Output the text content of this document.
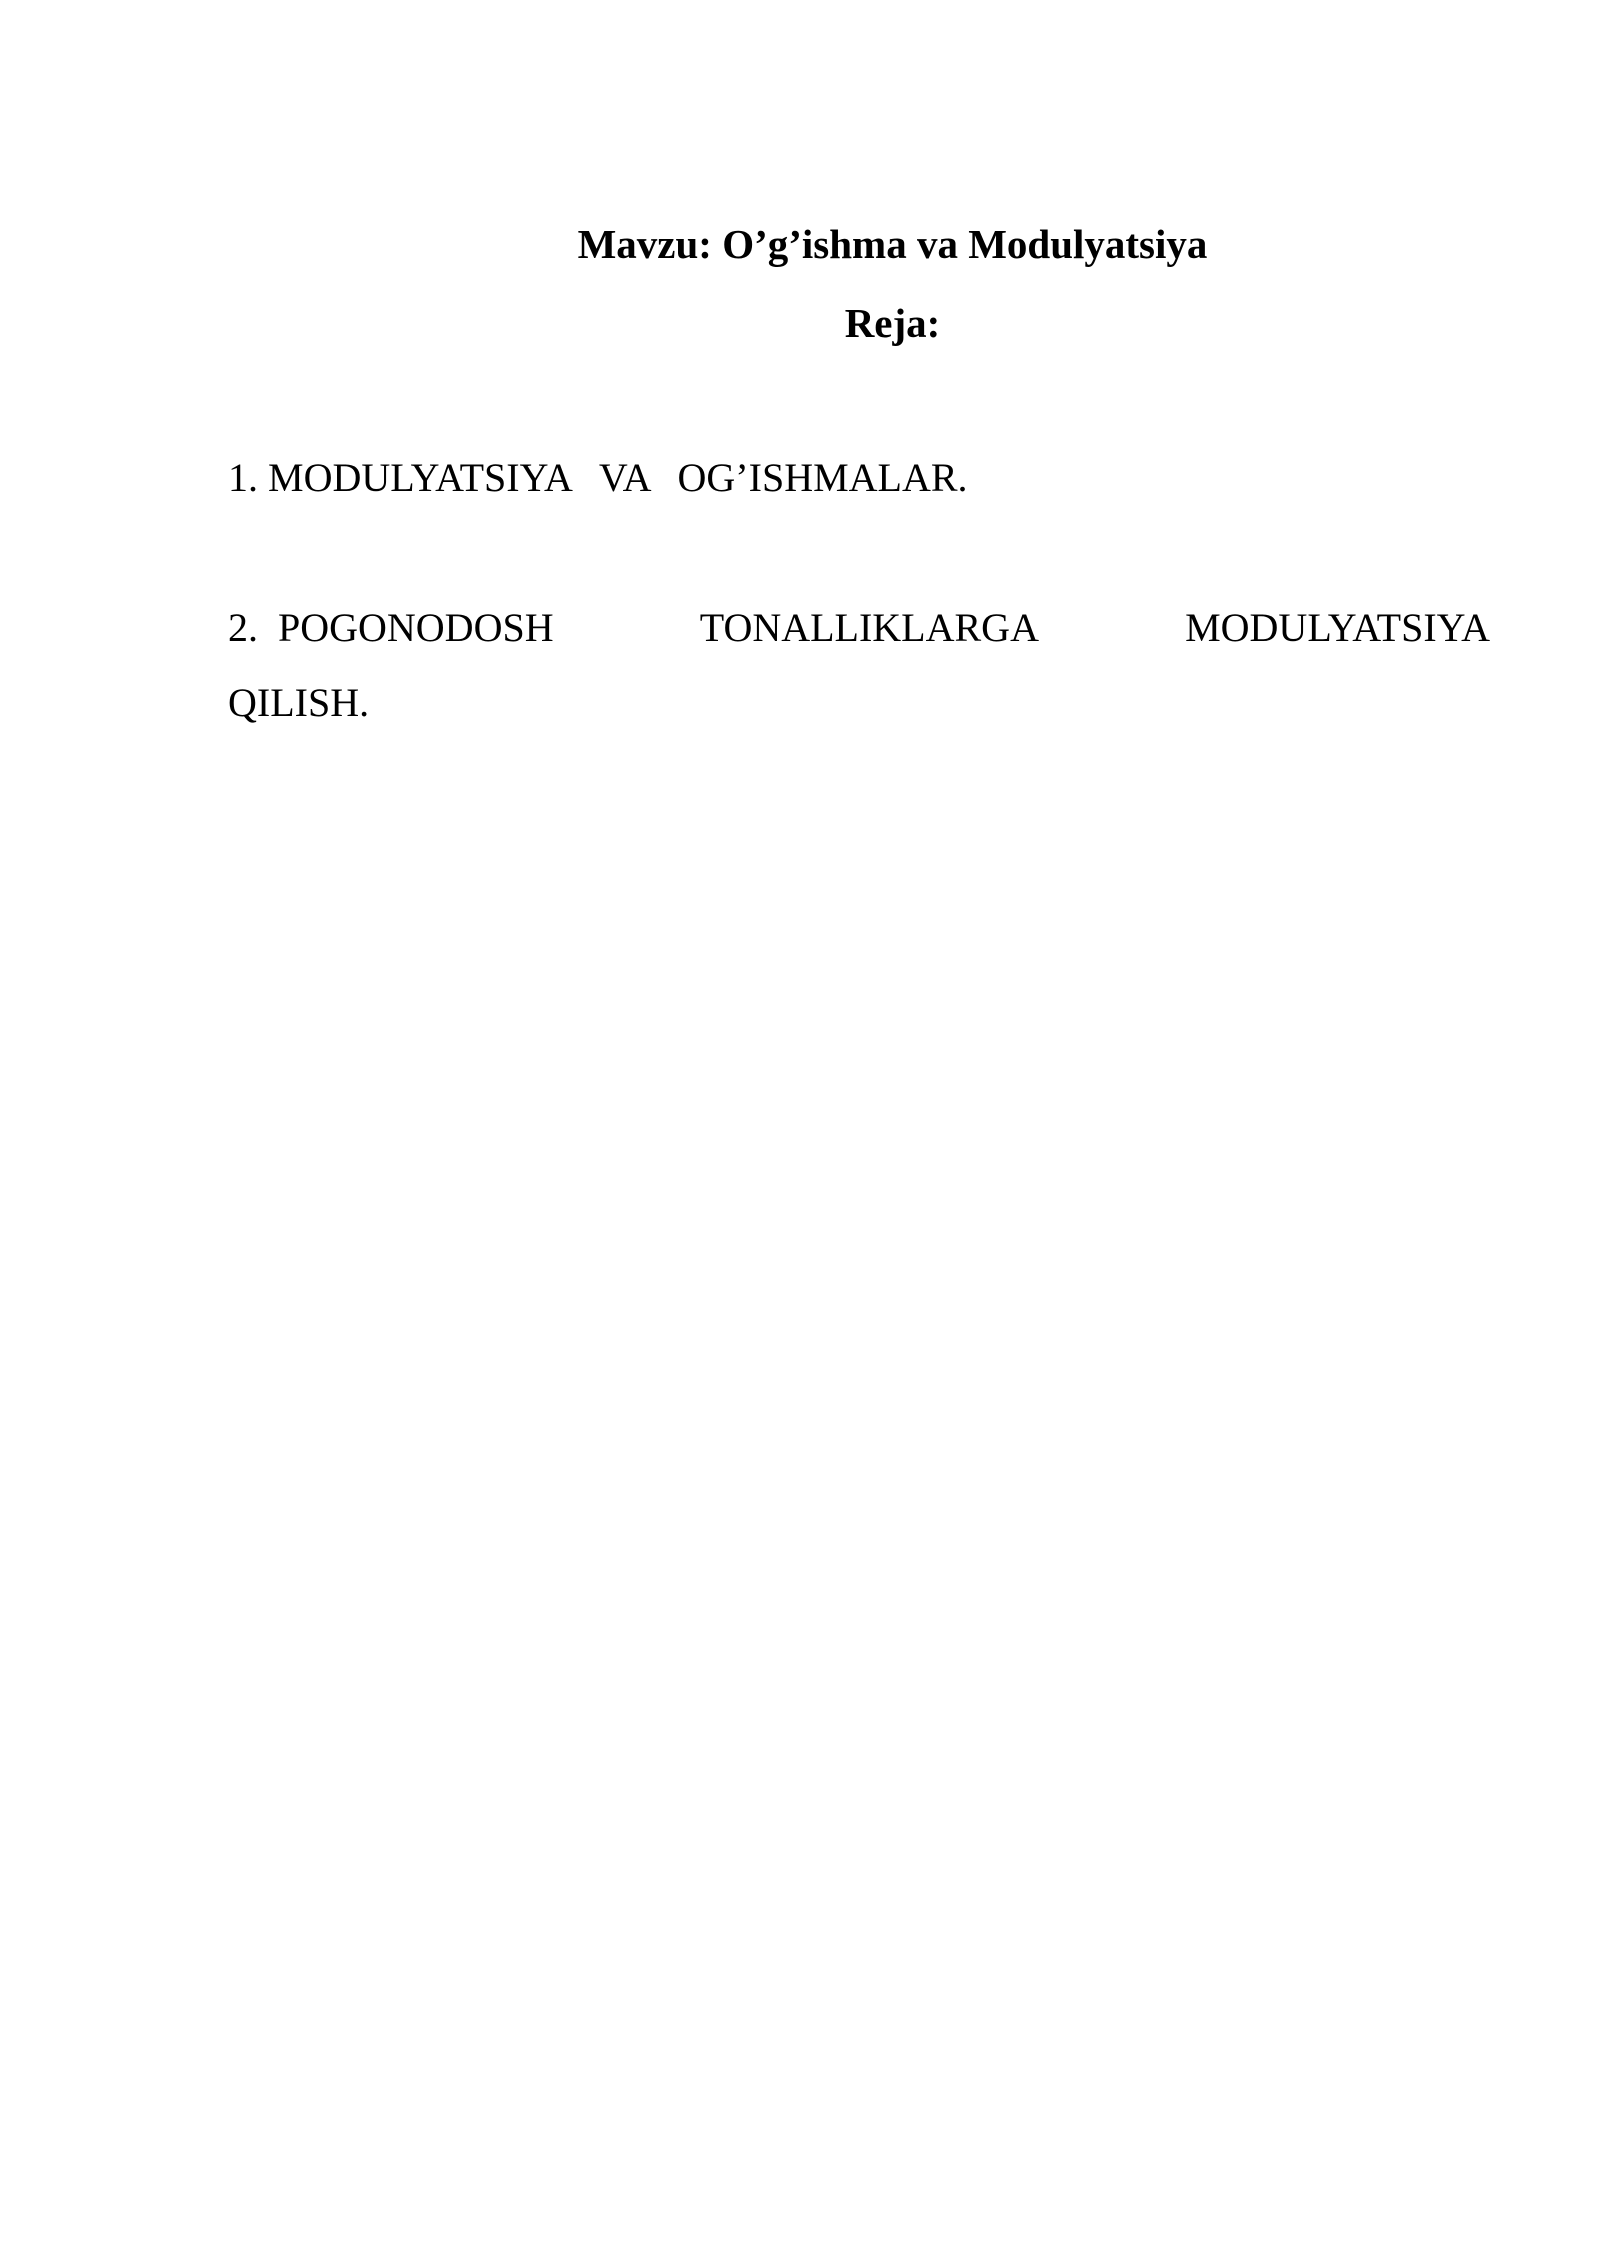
Mavzu: O’g’ishma va Modulyatsiya
Reja:
1. MODULYATSIYA VA OG’ISHMALAR.
2.  POGONODOSH	TONALLIKLARGA	MODULYATSIYA
QILISH.
